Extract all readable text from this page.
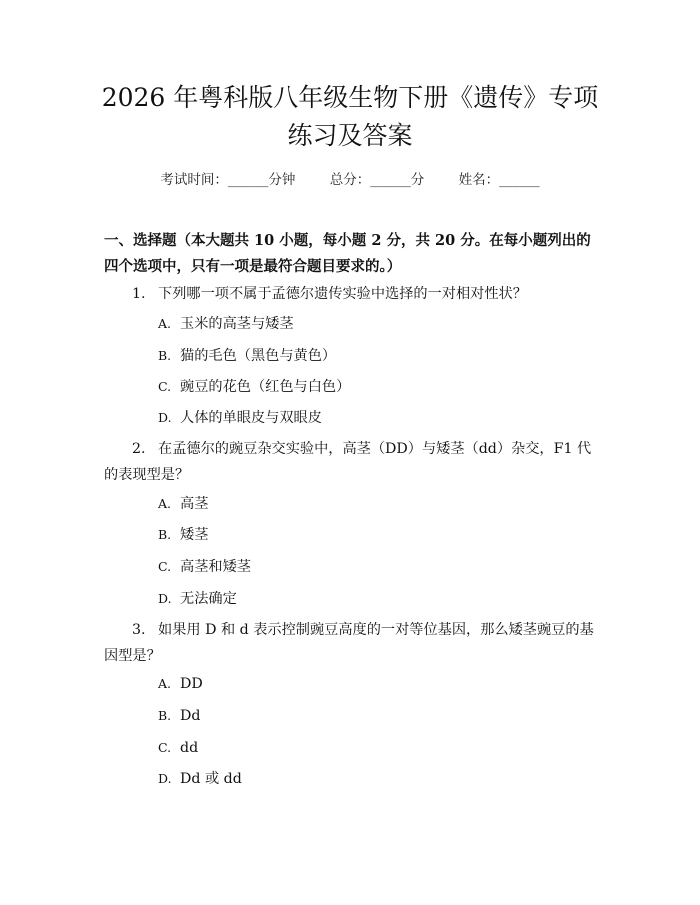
2026 年粤科版八年级生物下册《遗传》专项
练习及答案
考试时间：______分钟	总分：______分	姓名：______
一、选择题（本大题共 10 小题，每小题 2 分，共 20 分。在每小题列出的四个选项中，只有一项是最符合题目要求的。）
1. 下列哪一项不属于孟德尔遗传实验中选择的一对相对性状？
A. 玉米的高茎与矮茎
B. 猫的毛色（黑色与黄色）
C. 豌豆的花色（红色与白色）
D. 人体的单眼皮与双眼皮
2. 在孟德尔的豌豆杂交实验中，高茎（DD）与矮茎（dd）杂交，F1 代的表现型是？
A. 高茎
B. 矮茎
C. 高茎和矮茎
D. 无法确定
3. 如果用 D 和 d 表示控制豌豆高度的一对等位基因，那么矮茎豌豆的基因型是？
A. DD
B. Dd
C. dd
D. Dd 或 dd
